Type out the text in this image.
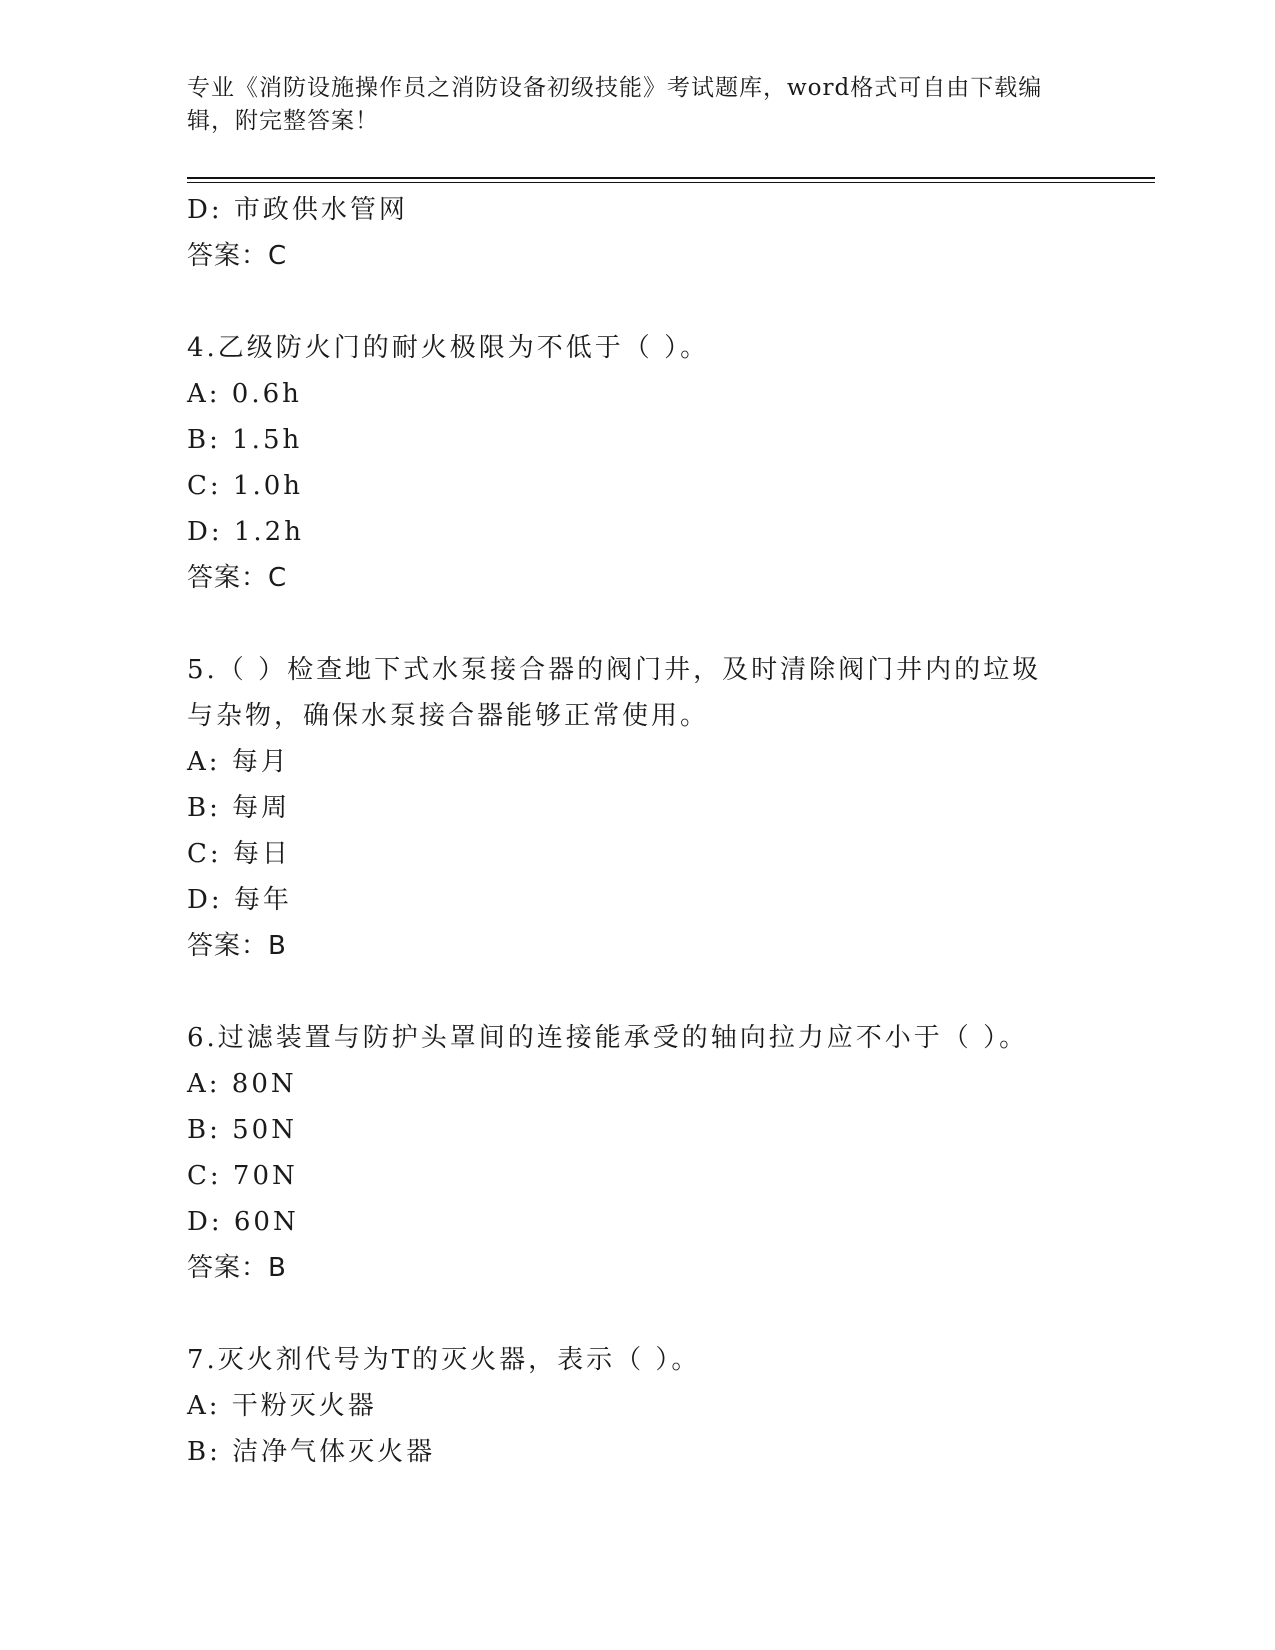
专业《消防设施操作员之消防设备初级技能》考试题库，word格式可自由下载编辑，附完整答案！
D: 市政供水管网
答案：C
4.乙级防火门的耐火极限为不低于（ ）。
A: 0.6h
B: 1.5h
C: 1.0h
D: 1.2h
答案：C
5.（ ）检查地下式水泵接合器的阀门井，及时清除阀门井内的垃圾与杂物，确保水泵接合器能够正常使用。
A: 每月
B: 每周
C: 每日
D: 每年
答案：B
6.过滤装置与防护头罩间的连接能承受的轴向拉力应不小于（ ）。
A: 80N
B: 50N
C: 70N
D: 60N
答案：B
7.灭火剂代号为T的灭火器，表示（ ）。
A: 干粉灭火器
B: 洁净气体灭火器
